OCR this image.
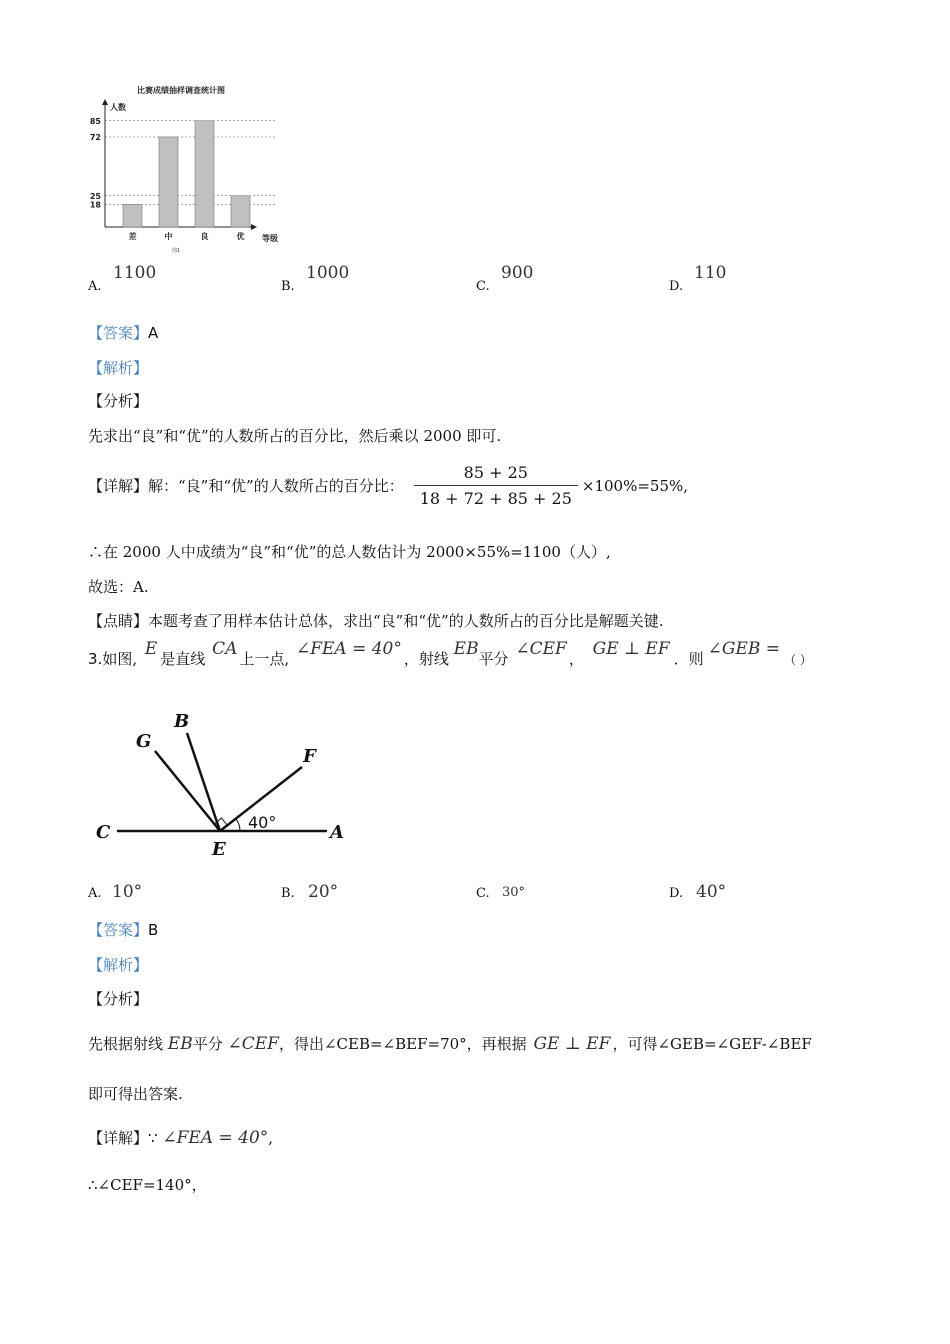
比赛成绩抽样调查统计图
人数
等级
18
25
72
85
差	中	良	优
图1
A.
1100
B.
1000
C.
900
D.
110
【答案】A
【解析】
【分析】
先求出“良”和“优”的人数所占的百分比，然后乘以 2000 即可.
【详解】 解：“良”和“优”的人数所占的百分比： $\frac{85 + 25}{18 + 72 + 85 + 25} \times 100\%=55\%$,
∴在 2000 人中成绩为“良”和“优”的总人数估计为 2000×55%=1100（人）,
故选：A.
【点睛】本题考查了用样本估计总体，求出“良”和“优”的人数所占的百分比是解题关键.
3.如图, E 是直线 CA 上一点, ∠FEA = 40° ，射线 EB平分 ∠CEF ， GE ⊥ EF ．则 ∠GEB =（ ）
G
B
F
C	A
E
40°
A. 10°	B. 20°	C. 30°	D. 40°
【答案】B
【解析】
【分析】
先根据射线 EB平分 ∠CEF，得出∠CEB=∠BEF=70°，再根据 GE ⊥ EF ，可得∠GEB=∠GEF-∠BEF
即可得出答案.
【详解】∵ ∠FEA = 40°,
∴∠CEF=140°，
